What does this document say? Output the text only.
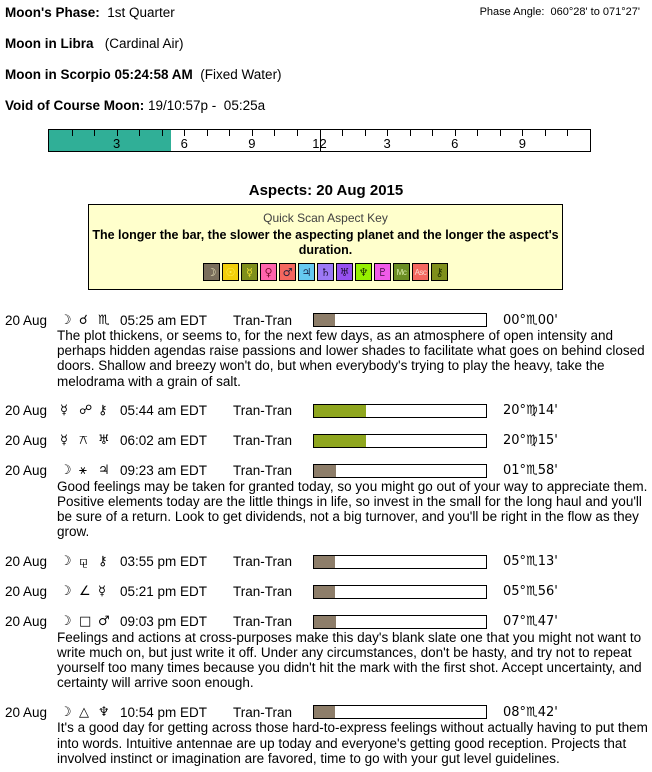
Phase Angle:  060°28' to 071°27'
Moon's Phase: 1st Quarter
Moon in Libra (Cardinal Air)
Moon in Scorpio 05:24:58 AM (Fixed Water)
Void of Course Moon: 19/10:57p -  05:25a
3	6	9	12	3	6	9
Aspects: 20 Aug 2015
Quick Scan Aspect Key
The longer the bar, the slower the aspecting planet and the longer the aspect's duration.
☽ ☉ ☿ ♀ ♂ ♃ ♄ ♅ ♆ ♇ Mc Asc ⚷
20 Aug ☽ ☌ ♏ 05:25 am EDT	Tran-Tran	00°♏00'
The plot thickens, or seems to, for the next few days, as an atmosphere of open intensity and perhaps hidden agendas raise passions and lower shades to facilitate what goes on behind closed doors. Shallow and breezy won't do, but when everybody's trying to play the heavy, take the melodrama with a grain of salt.
20 Aug ☿ ☍ ⚷ 05:44 am EDT	Tran-Tran	20°♍14'
20 Aug ☿ ⚻ ♅ 06:02 am EDT	Tran-Tran	20°♍15'
20 Aug ☽ ⚹ ♃ 09:23 am EDT	Tran-Tran	01°♏58'
Good feelings may be taken for granted today, so you might go out of your way to appreciate them. Positive elements today are the little things in life, so invest in the small for the long haul and you'll be sure of a return. Look to get dividends, not a big turnover, and you'll be right in the flow as they grow.
20 Aug ☽ ⚼ ⚷ 03:55 pm EDT	Tran-Tran	05°♏13'
20 Aug ☽ ∠ ☿	05:21 pm EDT	Tran-Tran	05°♏56'
20 Aug ☽ □ ♂ 09:03 pm EDT	Tran-Tran	07°♏47'
Feelings and actions at cross-purposes make this day's blank slate one that you might not want to write much on, but just write it off. Under any circumstances, don't be hasty, and try not to repeat yourself too many times because you didn't hit the mark with the first shot. Accept uncertainty, and certainty will arrive soon enough.
20 Aug ☽ △ ♆ 10:54 pm EDT	Tran-Tran	08°♏42'
It's a good day for getting across those hard-to-express feelings without actually having to put them into words. Intuitive antennae are up today and everyone's getting good reception. Projects that involved instinct or imagination are favored, time to go with your gut level guidelines.
